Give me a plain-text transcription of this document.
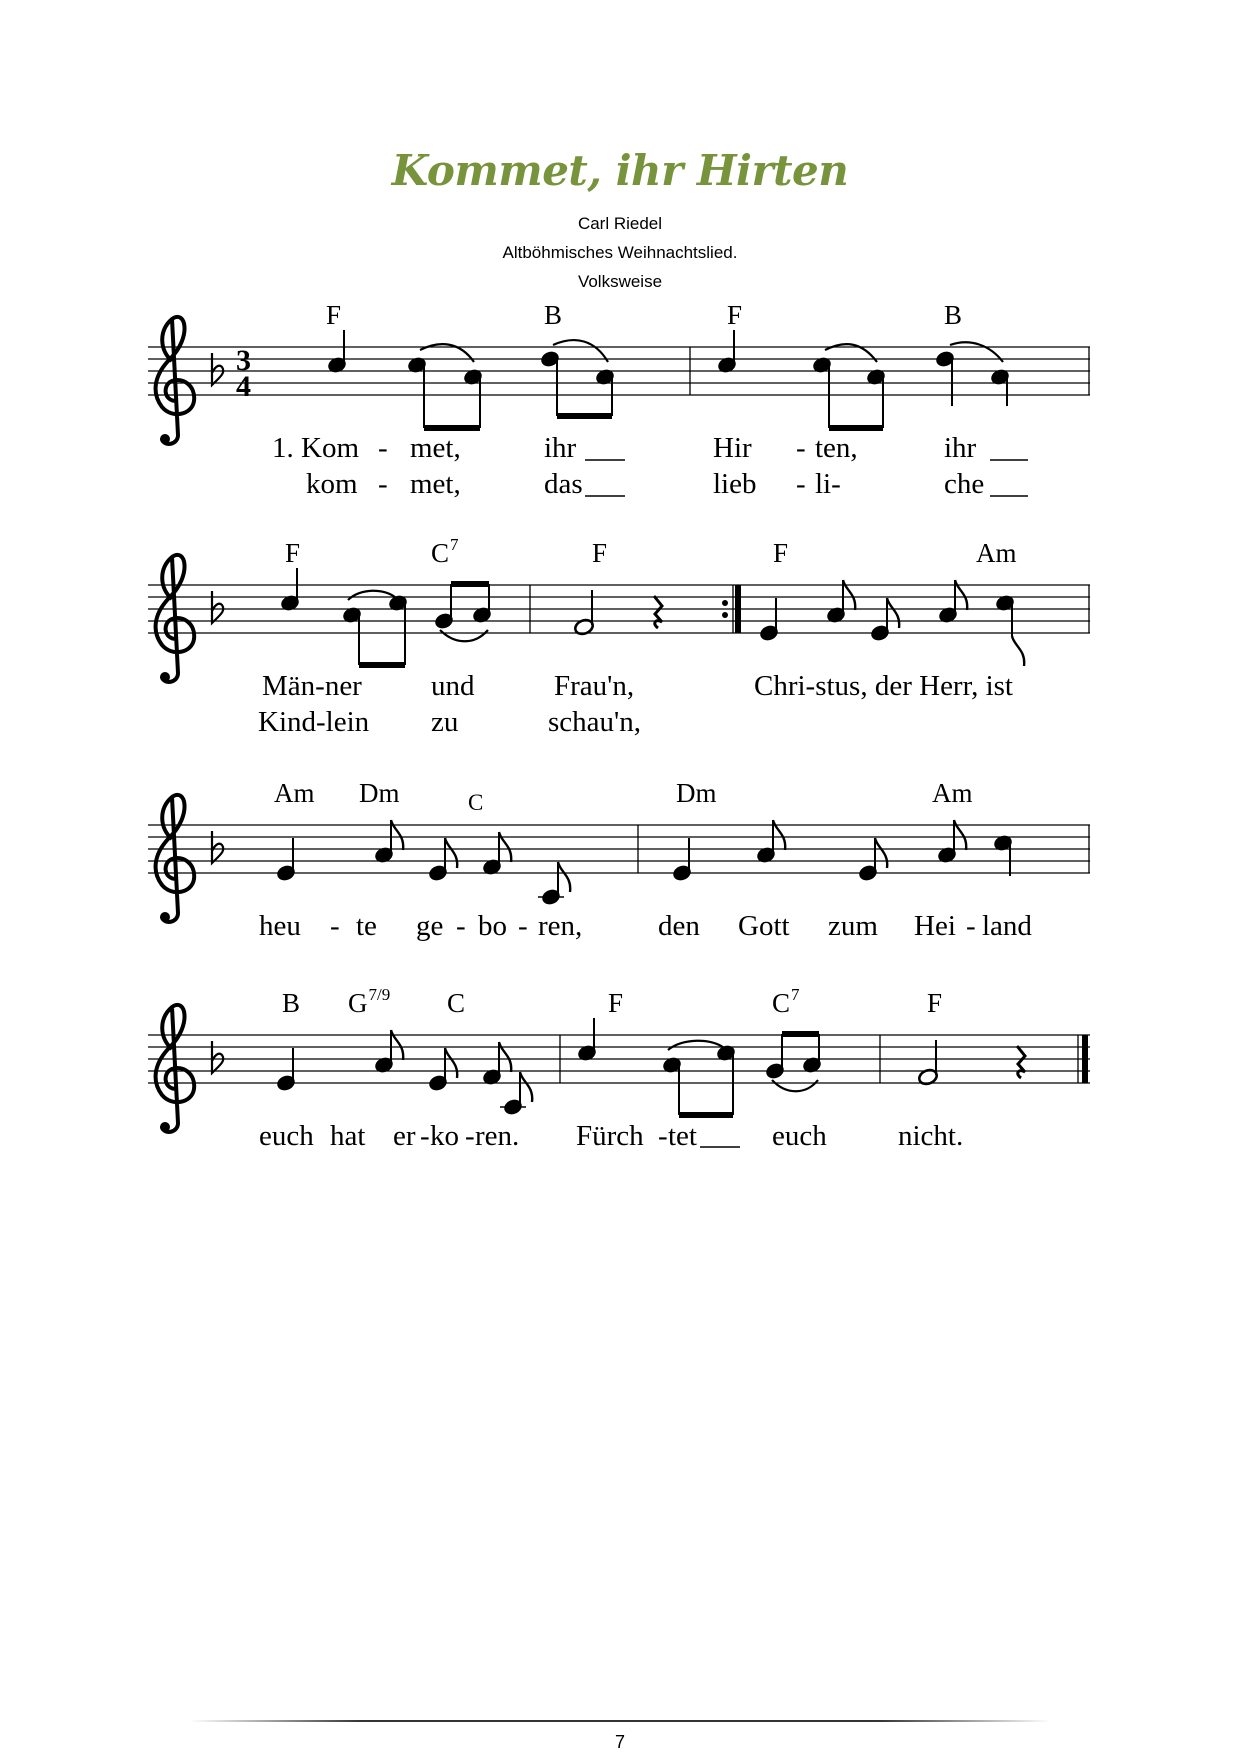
Kommet, ihr Hirten
Carl Riedel
Altböhmisches Weihnachtslied.
Volksweise
F	B	F	B
1. Kom - met,	ihr	Hir - ten,	ihr
kom - met,	das	lieb - li-	che
F	$C^7$	F	F	Am
Män-ner und	Frau'n,	Chri-stus, der Herr, ist
Kind-lein zu	schau'n,
Am Dm	C	Dm	Am
heu - te ge - bo - ren,	den Gott zum Hei - land
B $G^{7/9}$ C	F	$C^7$	F
euch hat er - ko - ren. Fürch - tet	euch nicht.
3
4
7
